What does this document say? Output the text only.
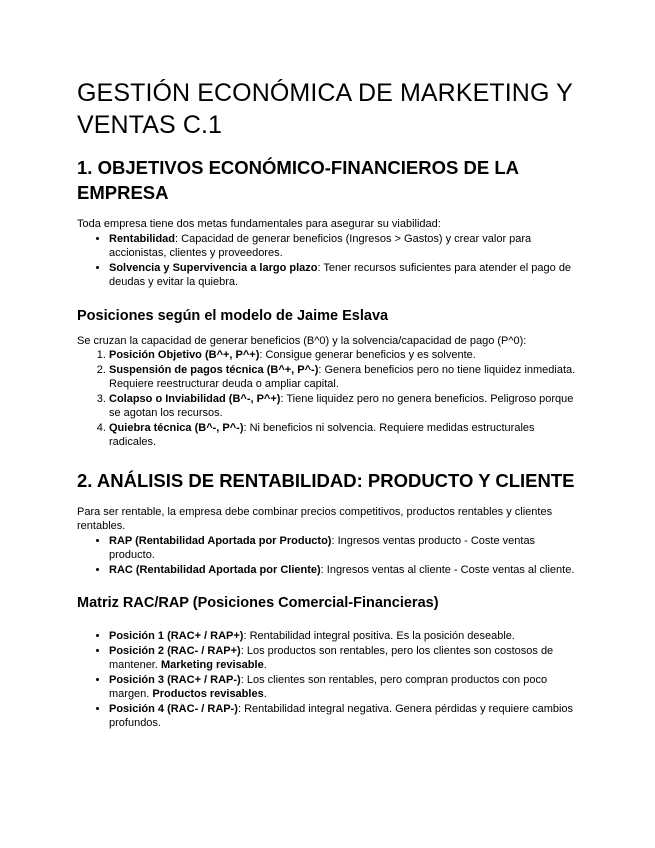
GESTIÓN ECONÓMICA DE MARKETING Y VENTAS C.1
1. OBJETIVOS ECONÓMICO-FINANCIEROS DE LA EMPRESA

Toda empresa tiene dos metas fundamentales para asegurar su viabilidad:

• Rentabilidad: Capacidad de generar beneficios (Ingresos > Gastos) y crear valor para accionistas, clientes y proveedores.
• Solvencia y Supervivencia a largo plazo: Tener recursos suficientes para atender el pago de deudas y evitar la quiebra.
Posiciones según el modelo de Jaime Eslava

Se cruzan la capacidad de generar beneficios (B^0) y la solvencia/capacidad de pago (P^0):

1. Posición Objetivo (B^+, P^+): Consigue generar beneficios y es solvente.
2. Suspensión de pagos técnica (B^+, P^-): Genera beneficios pero no tiene liquidez inmediata. Requiere reestructurar deuda o ampliar capital.
3. Colapso o Inviabilidad (B^-, P^+): Tiene liquidez pero no genera beneficios. Peligroso porque se agotan los recursos.
4. Quiebra técnica (B^-, P^-): Ni beneficios ni solvencia. Requiere medidas estructurales radicales.
2. ANÁLISIS DE RENTABILIDAD: PRODUCTO Y CLIENTE

Para ser rentable, la empresa debe combinar precios competitivos, productos rentables y clientes rentables.

• RAP (Rentabilidad Aportada por Producto): Ingresos ventas producto - Coste ventas producto.
• RAC (Rentabilidad Aportada por Cliente): Ingresos ventas al cliente - Coste ventas al cliente.
Matriz RAC/RAP (Posiciones Comercial-Financieras)
• Posición 1 (RAC+ / RAP+): Rentabilidad integral positiva. Es la posición deseable.
• Posición 2 (RAC- / RAP+): Los productos son rentables, pero los clientes son costosos de mantener. Marketing revisable.
• Posición 3 (RAC+ / RAP-): Los clientes son rentables, pero compran productos con poco margen. Productos revisables.
• Posición 4 (RAC- / RAP-): Rentabilidad integral negativa. Genera pérdidas y requiere cambios profundos.
